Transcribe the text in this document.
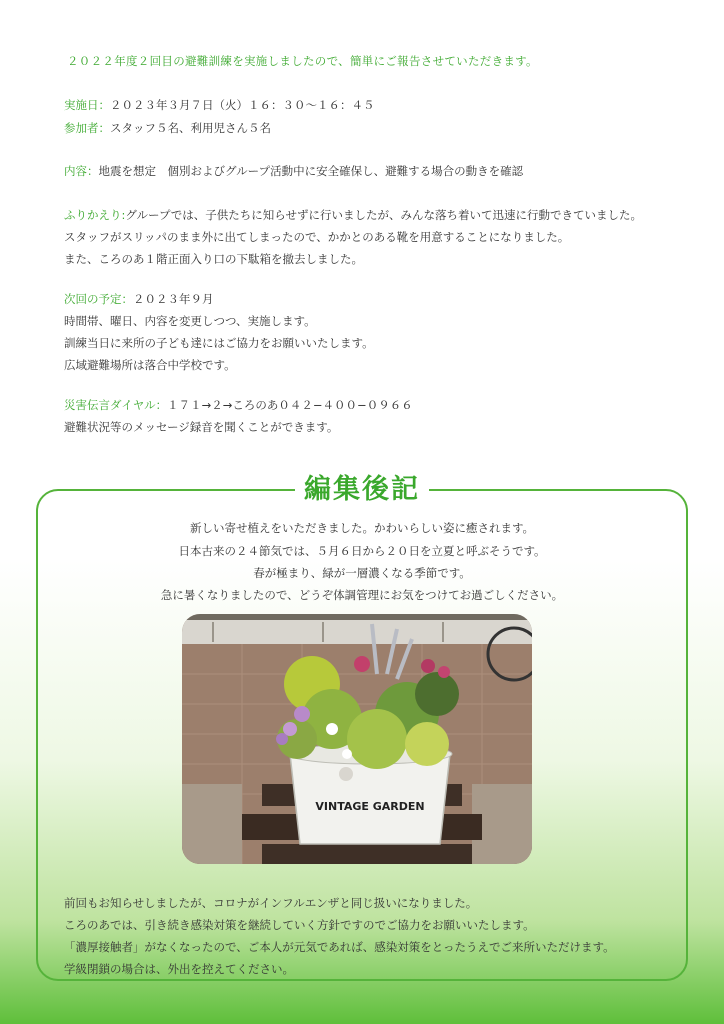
２０２２年度２回目の避難訓練を実施しましたので、簡単にご報告させていただきます。
実施日：２０２３年３月７日（火）１６：３０〜１６：４５
参加者：スタッフ５名、利用児さん５名
内容：地震を想定　個別およびグループ活動中に安全確保し、避難する場合の動きを確認
ふりかえり:グループでは、子供たちに知らせずに行いましたが、みんな落ち着いて迅速に行動できていました。
スタッフがスリッパのまま外に出てしまったので、かかとのある靴を用意することになりました。
また、ころのあ１階正面入り口の下駄箱を撤去しました。
次回の予定：２０２３年９月
時間帯、曜日、内容を変更しつつ、実施します。
訓練当日に来所の子ども達にはご協力をお願いいたします。
広域避難場所は落合中学校です。
災害伝言ダイヤル：１７１→２→ころのあ０４２−４００−０９６６
避難状況等のメッセージ録音を聞くことができます。
編集後記
新しい寄せ植えをいただきました。かわいらしい姿に癒されます。
日本古来の２４節気では、５月６日から２０日を立夏と呼ぶそうです。
春が極まり、緑が一層濃くなる季節です。
急に暑くなりましたので、どうぞ体調管理にお気をつけてお過ごしください。
VINTAGE GARDEN
前回もお知らせしましたが、コロナがインフルエンザと同じ扱いになりました。
ころのあでは、引き続き感染対策を継続していく方針ですのでご協力をお願いいたします。
「濃厚接触者」がなくなったので、ご本人が元気であれば、感染対策をとったうえでご来所いただけます。
学級閉鎖の場合は、外出を控えてください。
